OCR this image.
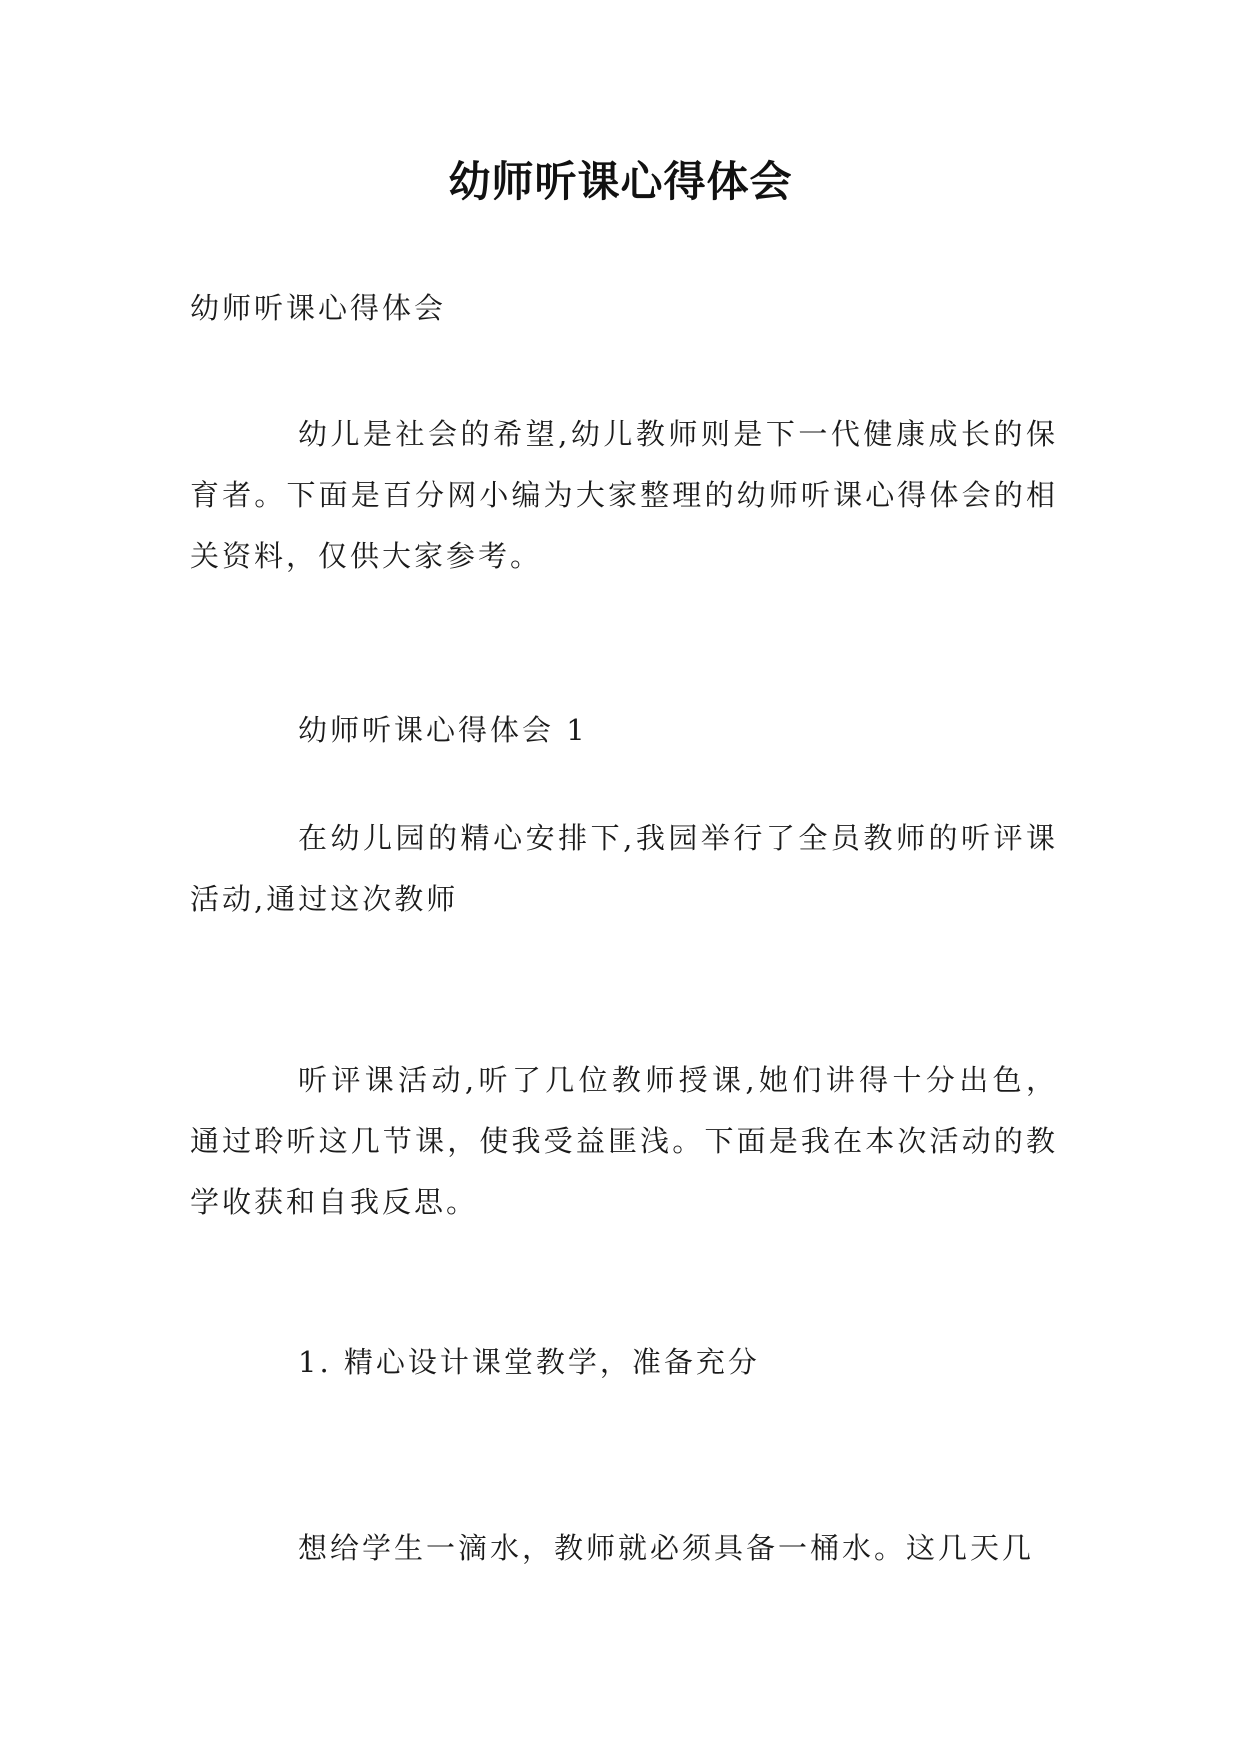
幼师听课心得体会
幼师听课心得体会

幼儿是社会的希望,幼儿教师则是下一代健康成长的保育者。下面是百分网小编为大家整理的幼师听课心得体会的相关资料，仅供大家参考。

幼师听课心得体会 1

在幼儿园的精心安排下,我园举行了全员教师的听评课活动,通过这次教师

听评课活动,听了几位教师授课,她们讲得十分出色，通过聆听这几节课，使我受益匪浅。下面是我在本次活动的教学收获和自我反思。

1. 精心设计课堂教学，准备充分

想给学生一滴水，教师就必须具备一桶水。这几天几
